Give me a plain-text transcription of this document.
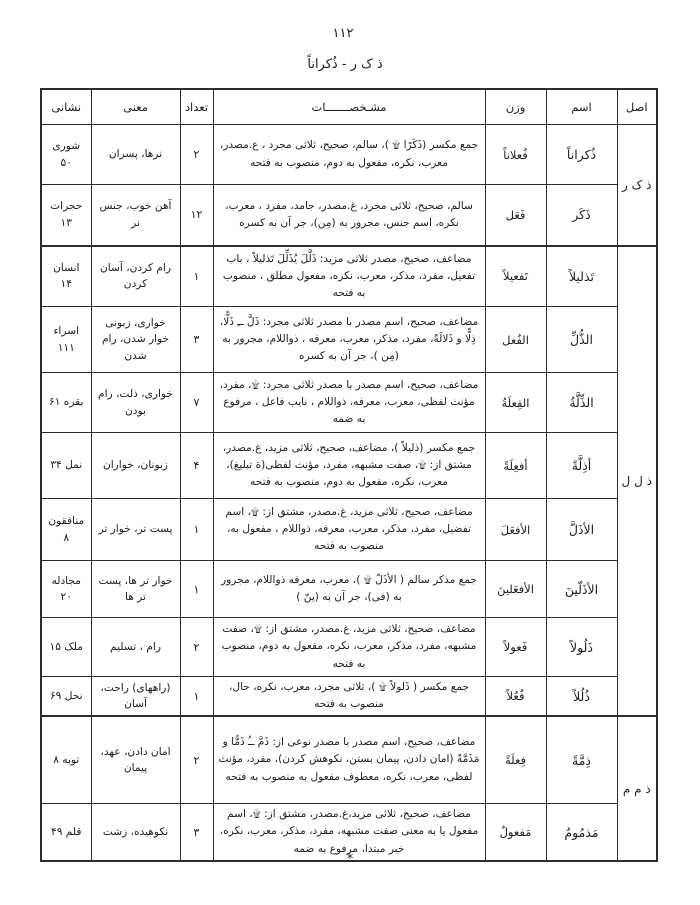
١١٢
ذ ک ر - ذُکراناً
اصل	اسم	وزن	مشـخصـــــــات	تعداد	معنی	نشانی
ذ ک ر	ذُکراناً	فُعلاناً	جمع مکسر (ذَکَرًا ۩ )، سالم، صحیح، ثلاثی مجرد ، ع.مصدر، معرب، نکره، مفعول به دوم، منصوب به فتحه	٢	نرها، پسران	شوری ۵٠
	ذَکَر	فَعَل	سالم، صحیح، ثلاثی مجرد، غ.مصدر، جامد، مفرد ، معرب، نکره، اسم جنس، مجرور به (مِن)، جر آن به کسره	١٢	آهن خوب، جنس نر	حجرات ١٣
ذ ل ل	تَذلیلاً	تَفعیلاً	مضاعف، صحیح، مصدر ثلاثی مزید: ذَلَّلَ یُذَلِّلَ تَذلیلاً ، باب تفعیل، مفرد، مذکر، معرب، نکره، مفعول مطلق ، منصوب به فتحه	١	رام کردن، آسان کردن	انسان ١۴
	الذُّلِّ	الفُعل	مضاعف، صحیح، اسم مصدر با مصدر ثلاثی مجرد: ذَلَّ ــِ ذَلًّا، ذِلًّا و ذَلالَةً، مفرد، مذکر، معرب، معرفه ، ذواللام، مجرور به (مِن )، جر آن به کسره	٣	خواری، زبونی خوار شدن، رام شدن	اسراء ١١١
	الذِّلَّةُ	الفِعلَةُ	مضاعف، صحیح، اسم مصدر با مصدر ثلاثی مجرد: ۩، مفرد، مؤنث لفظی، معرب، معرفه، ذواللام ، نایب فاعل ، مرفوع به ضمه	٧	خواری، ذلت، رام بودن	بقره ۶١
	أذِلَّةً	أفعِلَةً	جمع مکسر (ذلیلاً )، مضاعف، صحیح، ثلاثی مزید، غ.مصدر، مشتق از: ۩، صفت مشبهه، مفرد، مؤنث لفظی(ة تبلیغ)، معرب، نکره، مفعول به دوم، منصوب به فتحه	۴	زبونان، خواران	نمل ٣۴
	الأذَلَّ	الأفعَلَ	مضاعف، صحیح، ثلاثی مزید، غ.مصدر، مشتق از: ۩، اسم تفضیل، مفرد، مذکر، معرب، معرفه، ذواللام ، مفعول به، منصوب به فتحه	١	پست تر، خوار تر	منافقون ٨
	الأذَلّینَ	الأفعَلینَ	جمع مذکر سالم ( الأذَلّ ۩ )، معرب، معرفه ذواللام، مجرور به (فی)، جر آن به (ینّ )	١	خوار تر ها، پست تر ها	مجادله ٢٠
	ذَلُولاً	فَعولاً	مضاعف، صحیح، ثلاثی مزید، غ.مصدر، مشتق از: ۩، صفت مشبهه، مفرد، مذکر، معرب، نکره، مفعول به دوم، منصوب به فتحه	٢	رام ، تسلیم	ملک ١۵
	ذُلُلاً	فُعُلاً	جمع مکسر ( ذَلولاً ۩ )، ثلاثی مجرد، معرب، نکره، حال، منصوب به فتحه	١	(راههای) راحت، آسان	نحل ۶٩
ذ م م	ذِمَّةً	فِعلَةً	مضاعف، صحیح، اسم مصدر با مصدر نوعی از: ذَمَّ ــُ ذَمًّا و مَذَمَّةً (امان دادن، پیمان بستن، نکوهش کردن)، مفرد، مؤنث لفظی، معرب، نکره، معطوف مفعول به منصوب به فتحه	٢	امان دادن، عهد، پیمان	توبه ٨
	مَذمُومٌ	مَفعولٌ	مضاعف، صحیح، ثلاثی مزید،غ.مصدر، مشتق از: ۩، اسم مفعول یا به معنی صفت مشبهه، مفرد، مذکر، معرب، نکره، خبر مبتدا، مرفوع به ضمه	٣	نکوهیده، زشت	قلم ۴٩
*
